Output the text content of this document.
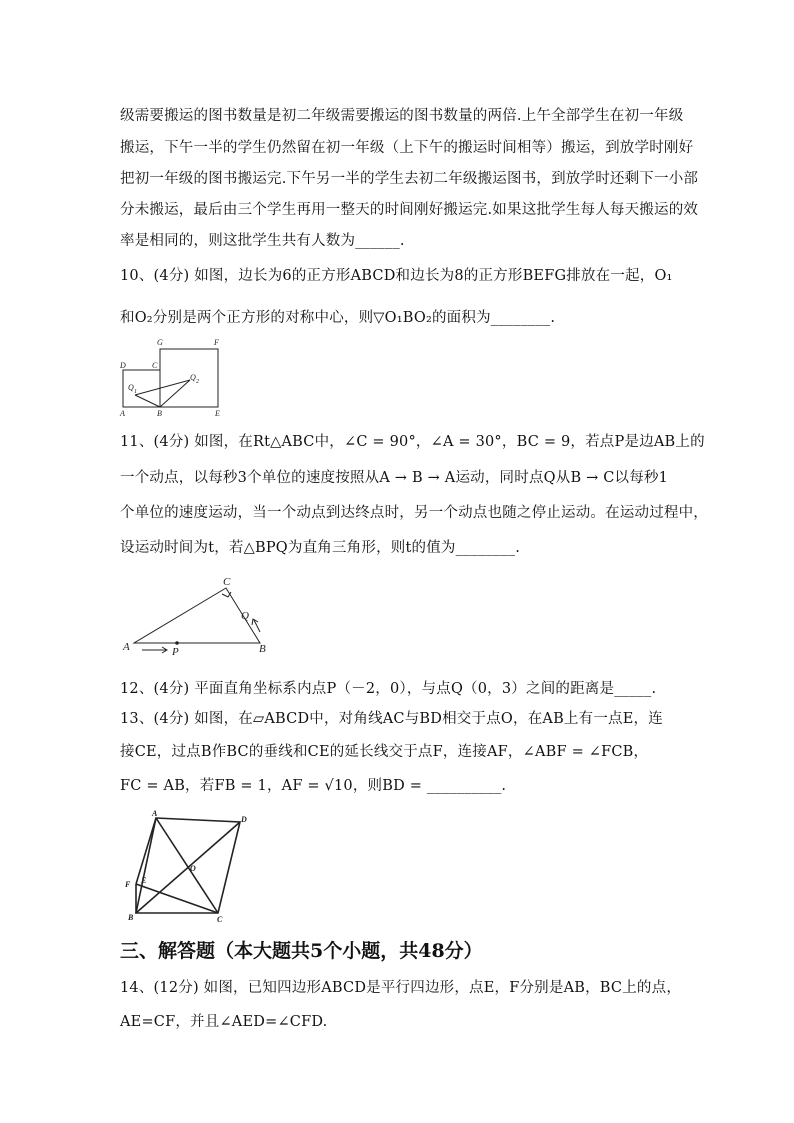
级需要搬运的图书数量是初二年级需要搬运的图书数量的两倍.上午全部学生在初一年级
搬运，下午一半的学生仍然留在初一年级（上下午的搬运时间相等）搬运，到放学时刚好
把初一年级的图书搬运完.下午另一半的学生去初二年级搬运图书，到放学时还剩下一小部
分未搬运，最后由三个学生再用一整天的时间刚好搬运完.如果这批学生每人每天搬运的效
率是相同的，则这批学生共有人数为______.
10、(4分) 如图，边长为6的正方形ABCD和边长为8的正方形BEFG排放在一起，O₁
和O₂分别是两个正方形的对称中心，则▽O₁BO₂的面积为________.
D	C
G	F
A	B	E
Q 1
Q 2
11、(4分) 如图，在Rt△ABC中，∠C = 90°，∠A = 30°，BC = 9，若点P是边AB上的
一个动点，以每秒3个单位的速度按照从A → B → A运动，同时点Q从B → C以每秒1
个单位的速度运动，当一个动点到达终点时，另一个动点也随之停止运动。在运动过程中，
设运动时间为t，若△BPQ为直角三角形，则t的值为________.
A	B
C
P
Q
12、(4分) 平面直角坐标系内点P（－2，0），与点Q（0，3）之间的距离是_____.
13、(4分) 如图，在▱ABCD中，对角线AC与BD相交于点O，在AB上有一点E，连
接CE，过点B作BC的垂线和CE的延长线交于点F，连接AF，∠ABF = ∠FCB，
FC = AB，若FB = 1，AF = √10，则BD = __________.
A
D
B	C
F E
O
三、解答题（本大题共5个小题，共48分）
14、(12分) 如图，已知四边形ABCD是平行四边形，点E，F分别是AB，BC上的点，
AE=CF，并且∠AED=∠CFD.
